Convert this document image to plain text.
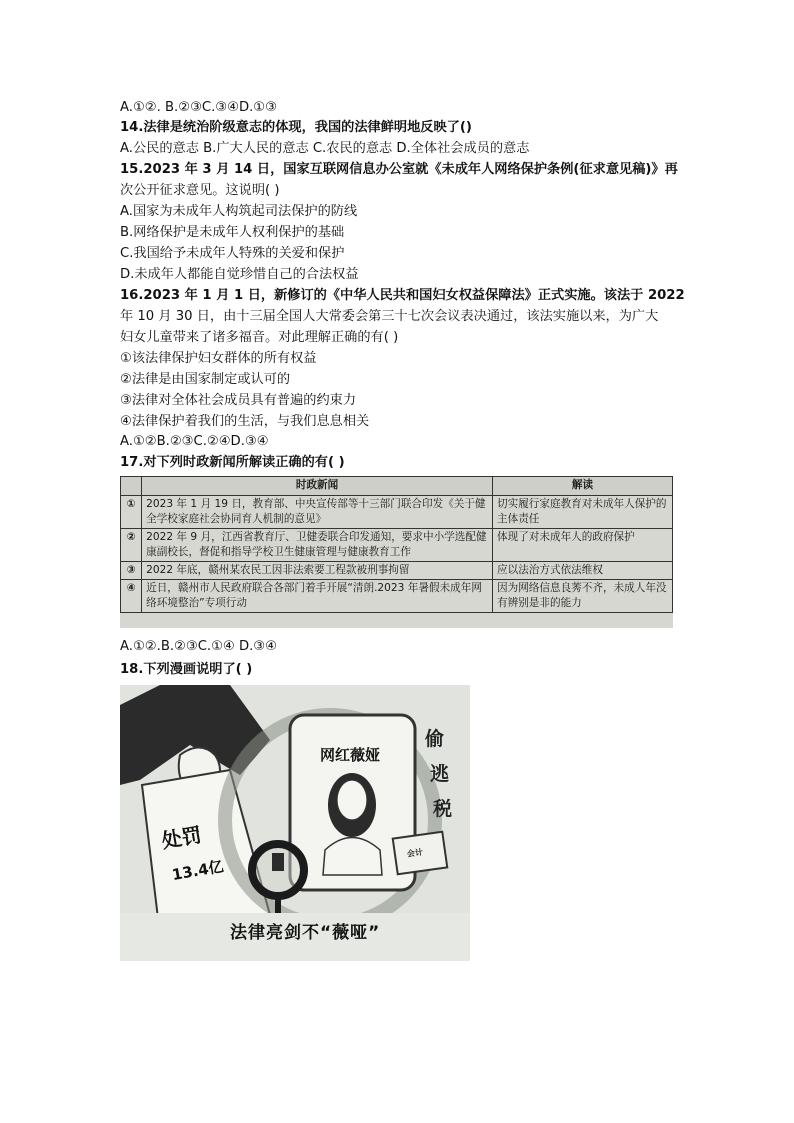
A.①②. B.②③C.③④D.①③
14.法律是统治阶级意志的体现，我国的法律鲜明地反映了()
A.公民的意志 B.广大人民的意志 C.农民的意志 D.全体社会成员的意志
15.2023 年 3 月 14 日，国家互联网信息办公室就《未成年人网络保护条例(征求意见稿)》再
次公开征求意见。这说明( )
A.国家为未成年人构筑起司法保护的防线
B.网络保护是未成年人权利保护的基础
C.我国给予未成年人特殊的关爱和保护
D.未成年人都能自觉珍惜自己的合法权益
16.2023 年 1 月 1 日，新修订的《中华人民共和国妇女权益保障法》正式实施。该法于 2022
年 10 月 30 日，由十三届全国人大常委会第三十七次会议表决通过，该法实施以来，为广大
妇女儿童带来了诸多福音。对此理解正确的有( )
①该法律保护妇女群体的所有权益
②法律是由国家制定或认可的
③法律对全体社会成员具有普遍的约束力
④法律保护着我们的生活，与我们息息相关
A.①②B.②③C.②④D.③④
17.对下列时政新闻所解读正确的有( )
	时政新闻	解读
①	2023 年 1 月 19 日，教育部、中央宣传部等十三部门联合印发《关于健全学校家庭社会协同育人机制的意见》	切实履行家庭教育对未成年人保护的主体责任
②	2022 年 9 月，江西省教育厅、卫健委联合印发通知，要求中小学选配健康副校长，督促和指导学校卫生健康管理与健康教育工作	体现了对未成年人的政府保护
③	2022 年底，赣州某农民工因非法索要工程款被刑事拘留	应以法治方式依法维权
④	近日，赣州市人民政府联合各部门着手开展“清朗.2023 年暑假未成年网络环境整治”专项行动	因为网络信息良莠不齐，未成人年没有辨别是非的能力
A.①②.B.②③C.①④ D.③④
18.下列漫画说明了( )
处罚
13.4亿
网红薇娅
偷
逃
税
会计
法律亮剑不“薇哑”
